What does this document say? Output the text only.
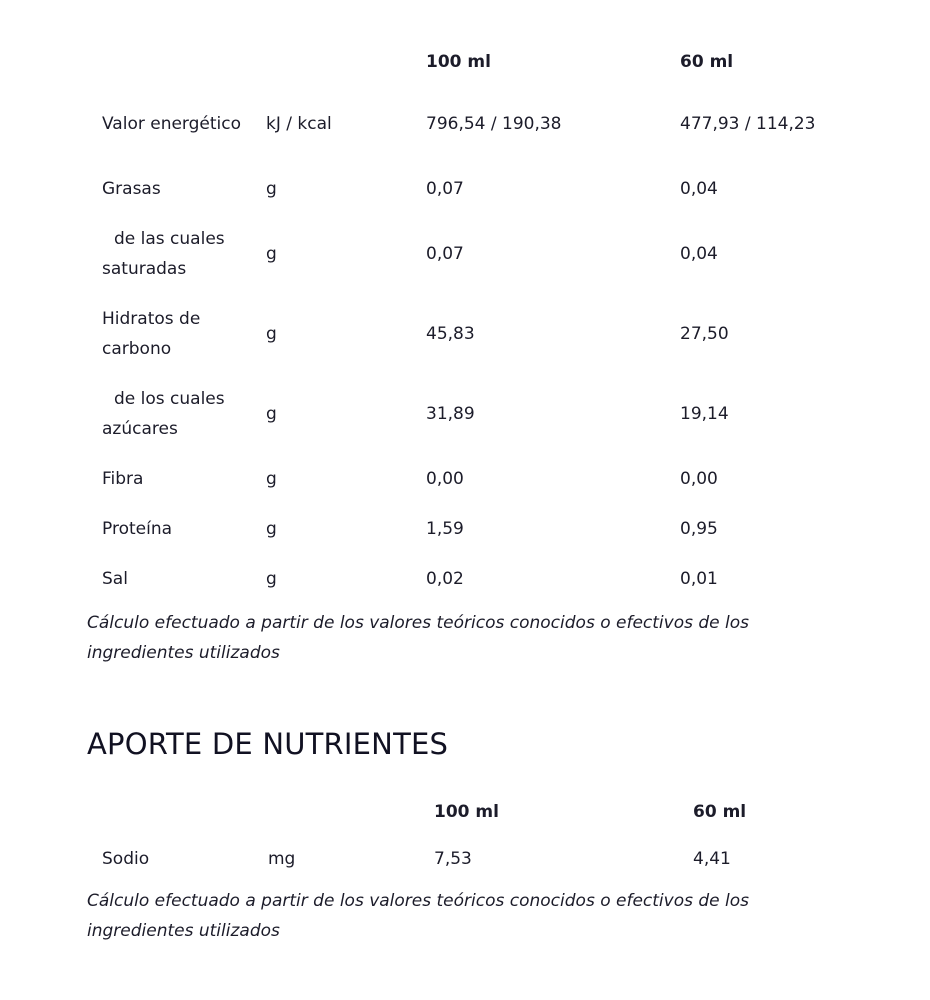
		100 ml	60 ml

Valor energético	kJ / kcal	796,54 / 190,38	477,93 / 114,23

Grasas	g	0,07	0,04

de las cuales saturadas	g	0,07	0,04

Hidratos de carbono	g	45,83	27,50

de los cuales azúcares	g	31,89	19,14

Fibra	g	0,00	0,00

Proteína	g	1,59	0,95

Sal	g	0,02	0,01

Cálculo efectuado a partir de los valores teóricos conocidos o efectivos de los ingredientes utilizados

APORTE DE NUTRIENTES
		100 ml	60 ml
Sodio	mg	7,53	4,41

Cálculo efectuado a partir de los valores teóricos conocidos o efectivos de los ingredientes utilizados
